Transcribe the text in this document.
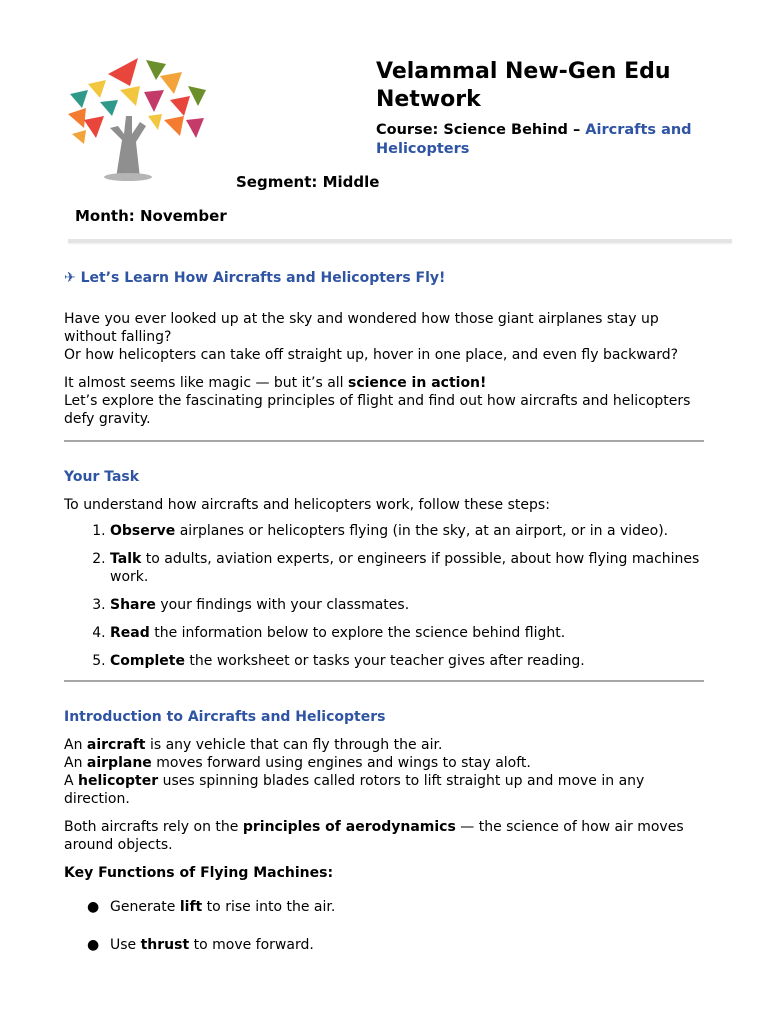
Velammal New-Gen Edu Network
Course: Science Behind – Aircrafts and Helicopters
Segment: Middle
Month: November

✈ Let’s Learn How Aircrafts and Helicopters Fly!

Have you ever looked up at the sky and wondered how those giant airplanes stay up without falling?

Or how helicopters can take off straight up, hover in one place, and even fly backward?

It almost seems like magic — but it’s all science in action!

Let’s explore the fascinating principles of flight and find out how aircrafts and helicopters defy gravity.

Your Task

To understand how aircrafts and helicopters work, follow these steps:

1. Observe airplanes or helicopters flying (in the sky, at an airport, or in a video).
2. Talk to adults, aviation experts, or engineers if possible, about how flying machines work.
3. Share your findings with your classmates.
4. Read the information below to explore the science behind flight.
5. Complete the worksheet or tasks your teacher gives after reading.

Introduction to Aircrafts and Helicopters

An aircraft is any vehicle that can fly through the air.

An airplane moves forward using engines and wings to stay aloft.

A helicopter uses spinning blades called rotors to lift straight up and move in any direction.

Both aircrafts rely on the principles of aerodynamics — the science of how air moves around objects.

Key Functions of Flying Machines:

● Generate lift to rise into the air.
● Use thrust to move forward.
